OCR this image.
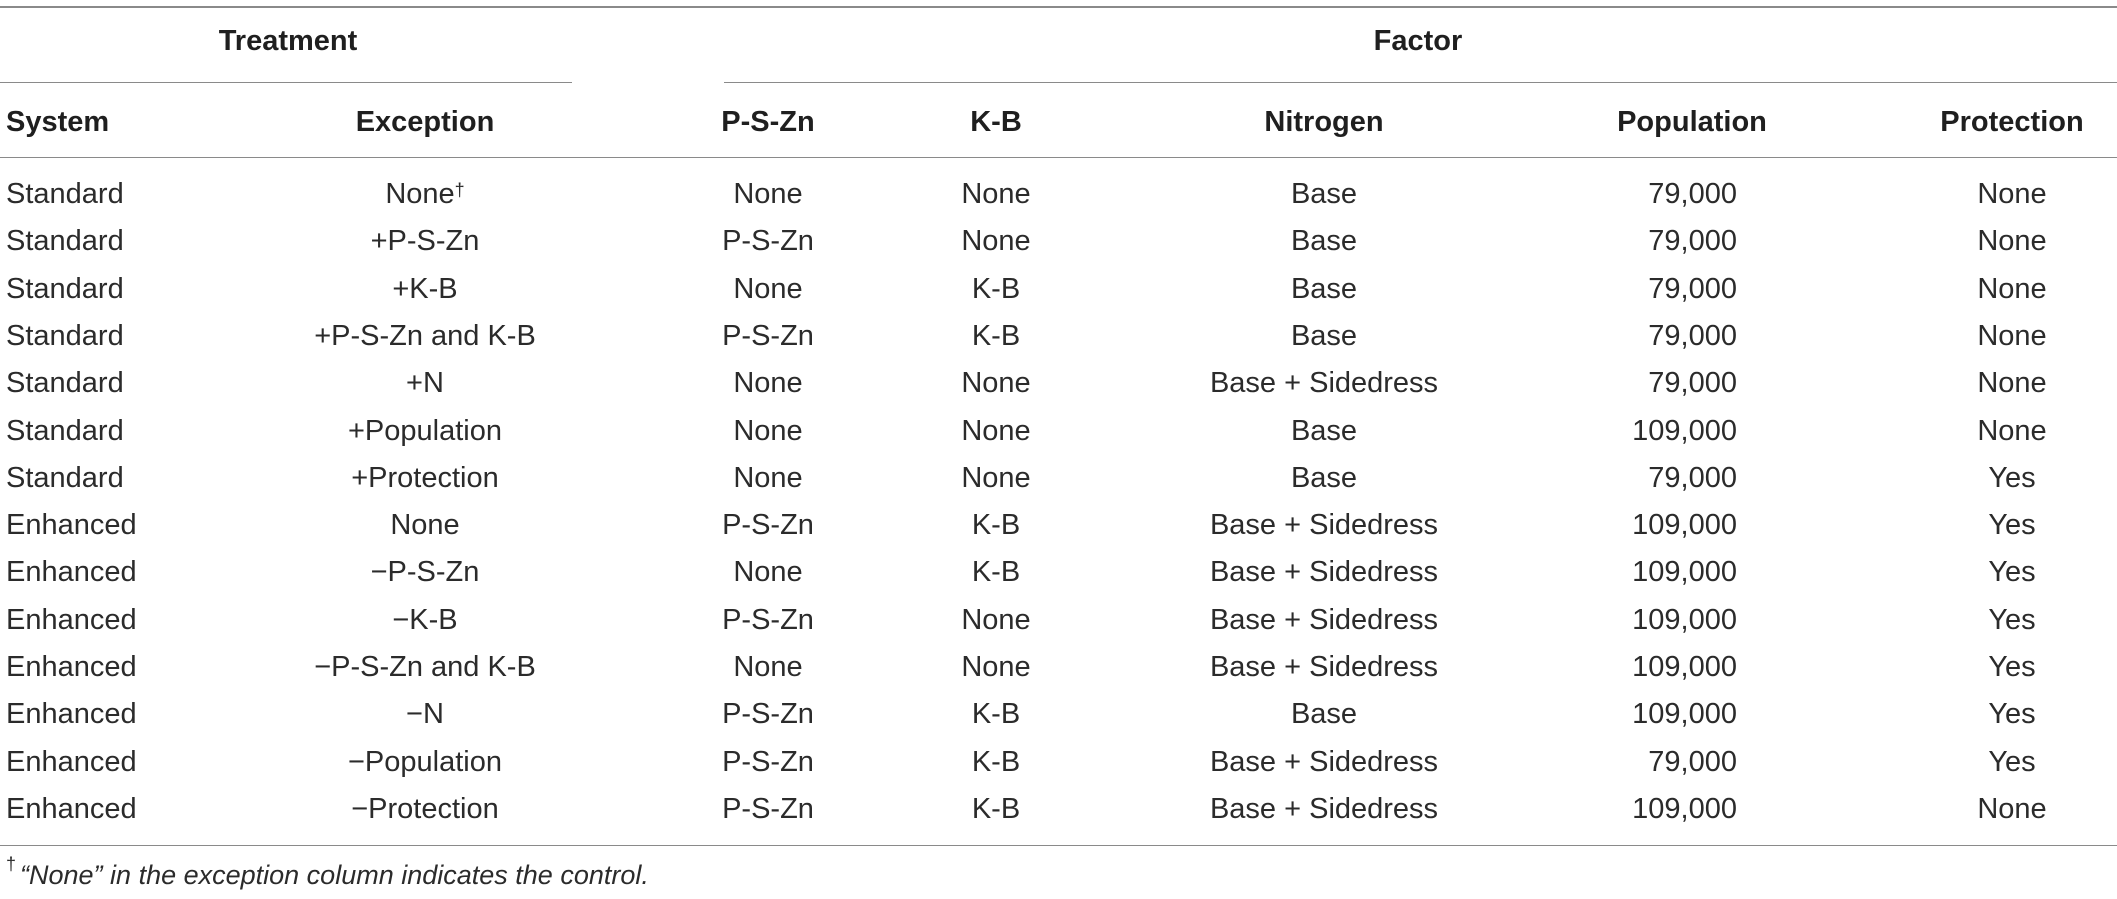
Treatment	Factor
System	Exception	P-S-Zn	K-B	Nitrogen	Population	Protection
Standard	None†	None	None	Base	79,000	None
Standard	+P-S-Zn	P-S-Zn	None	Base	79,000	None
Standard	+K-B	None	K-B	Base	79,000	None
Standard	+P-S-Zn and K-B	P-S-Zn	K-B	Base	79,000	None
Standard	+N	None	None	Base + Sidedress	79,000	None
Standard	+Population	None	None	Base	109,000	None
Standard	+Protection	None	None	Base	79,000	Yes
Enhanced	None	P-S-Zn	K-B	Base + Sidedress	109,000	Yes
Enhanced	−P-S-Zn	None	K-B	Base + Sidedress	109,000	Yes
Enhanced	−K-B	P-S-Zn	None	Base + Sidedress	109,000	Yes
Enhanced	−P-S-Zn and K-B	None	None	Base + Sidedress	109,000	Yes
Enhanced	−N	P-S-Zn	K-B	Base	109,000	Yes
Enhanced	−Population	P-S-Zn	K-B	Base + Sidedress	79,000	Yes
Enhanced	−Protection	P-S-Zn	K-B	Base + Sidedress	109,000	None
† “None” in the exception column indicates the control.
